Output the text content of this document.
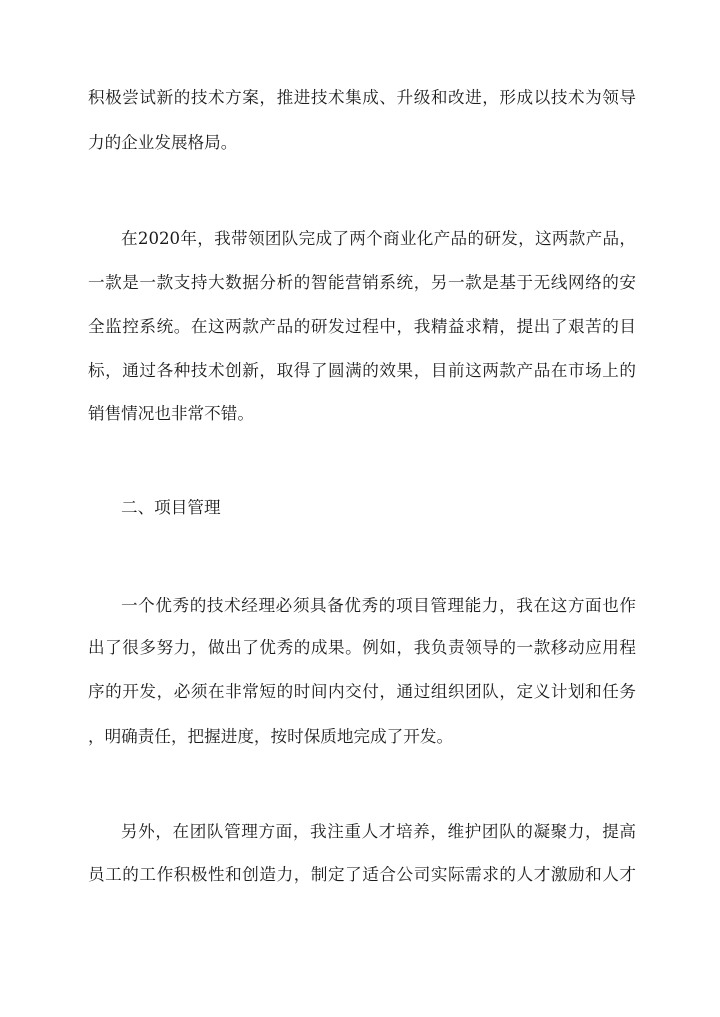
积极尝试新的技术方案，推进技术集成、升级和改进，形成以技术为领导

力的企业发展格局。

在2020年，我带领团队完成了两个商业化产品的研发，这两款产品，

一款是一款支持大数据分析的智能营销系统，另一款是基于无线网络的安

全监控系统。在这两款产品的研发过程中，我精益求精，提出了艰苦的目

标，通过各种技术创新，取得了圆满的效果，目前这两款产品在市场上的

销售情况也非常不错。

二、项目管理

一个优秀的技术经理必须具备优秀的项目管理能力，我在这方面也作

出了很多努力，做出了优秀的成果。例如，我负责领导的一款移动应用程

序的开发，必须在非常短的时间内交付，通过组织团队，定义计划和任务

，明确责任，把握进度，按时保质地完成了开发。

另外，在团队管理方面，我注重人才培养，维护团队的凝聚力，提高

员工的工作积极性和创造力，制定了适合公司实际需求的人才激励和人才
